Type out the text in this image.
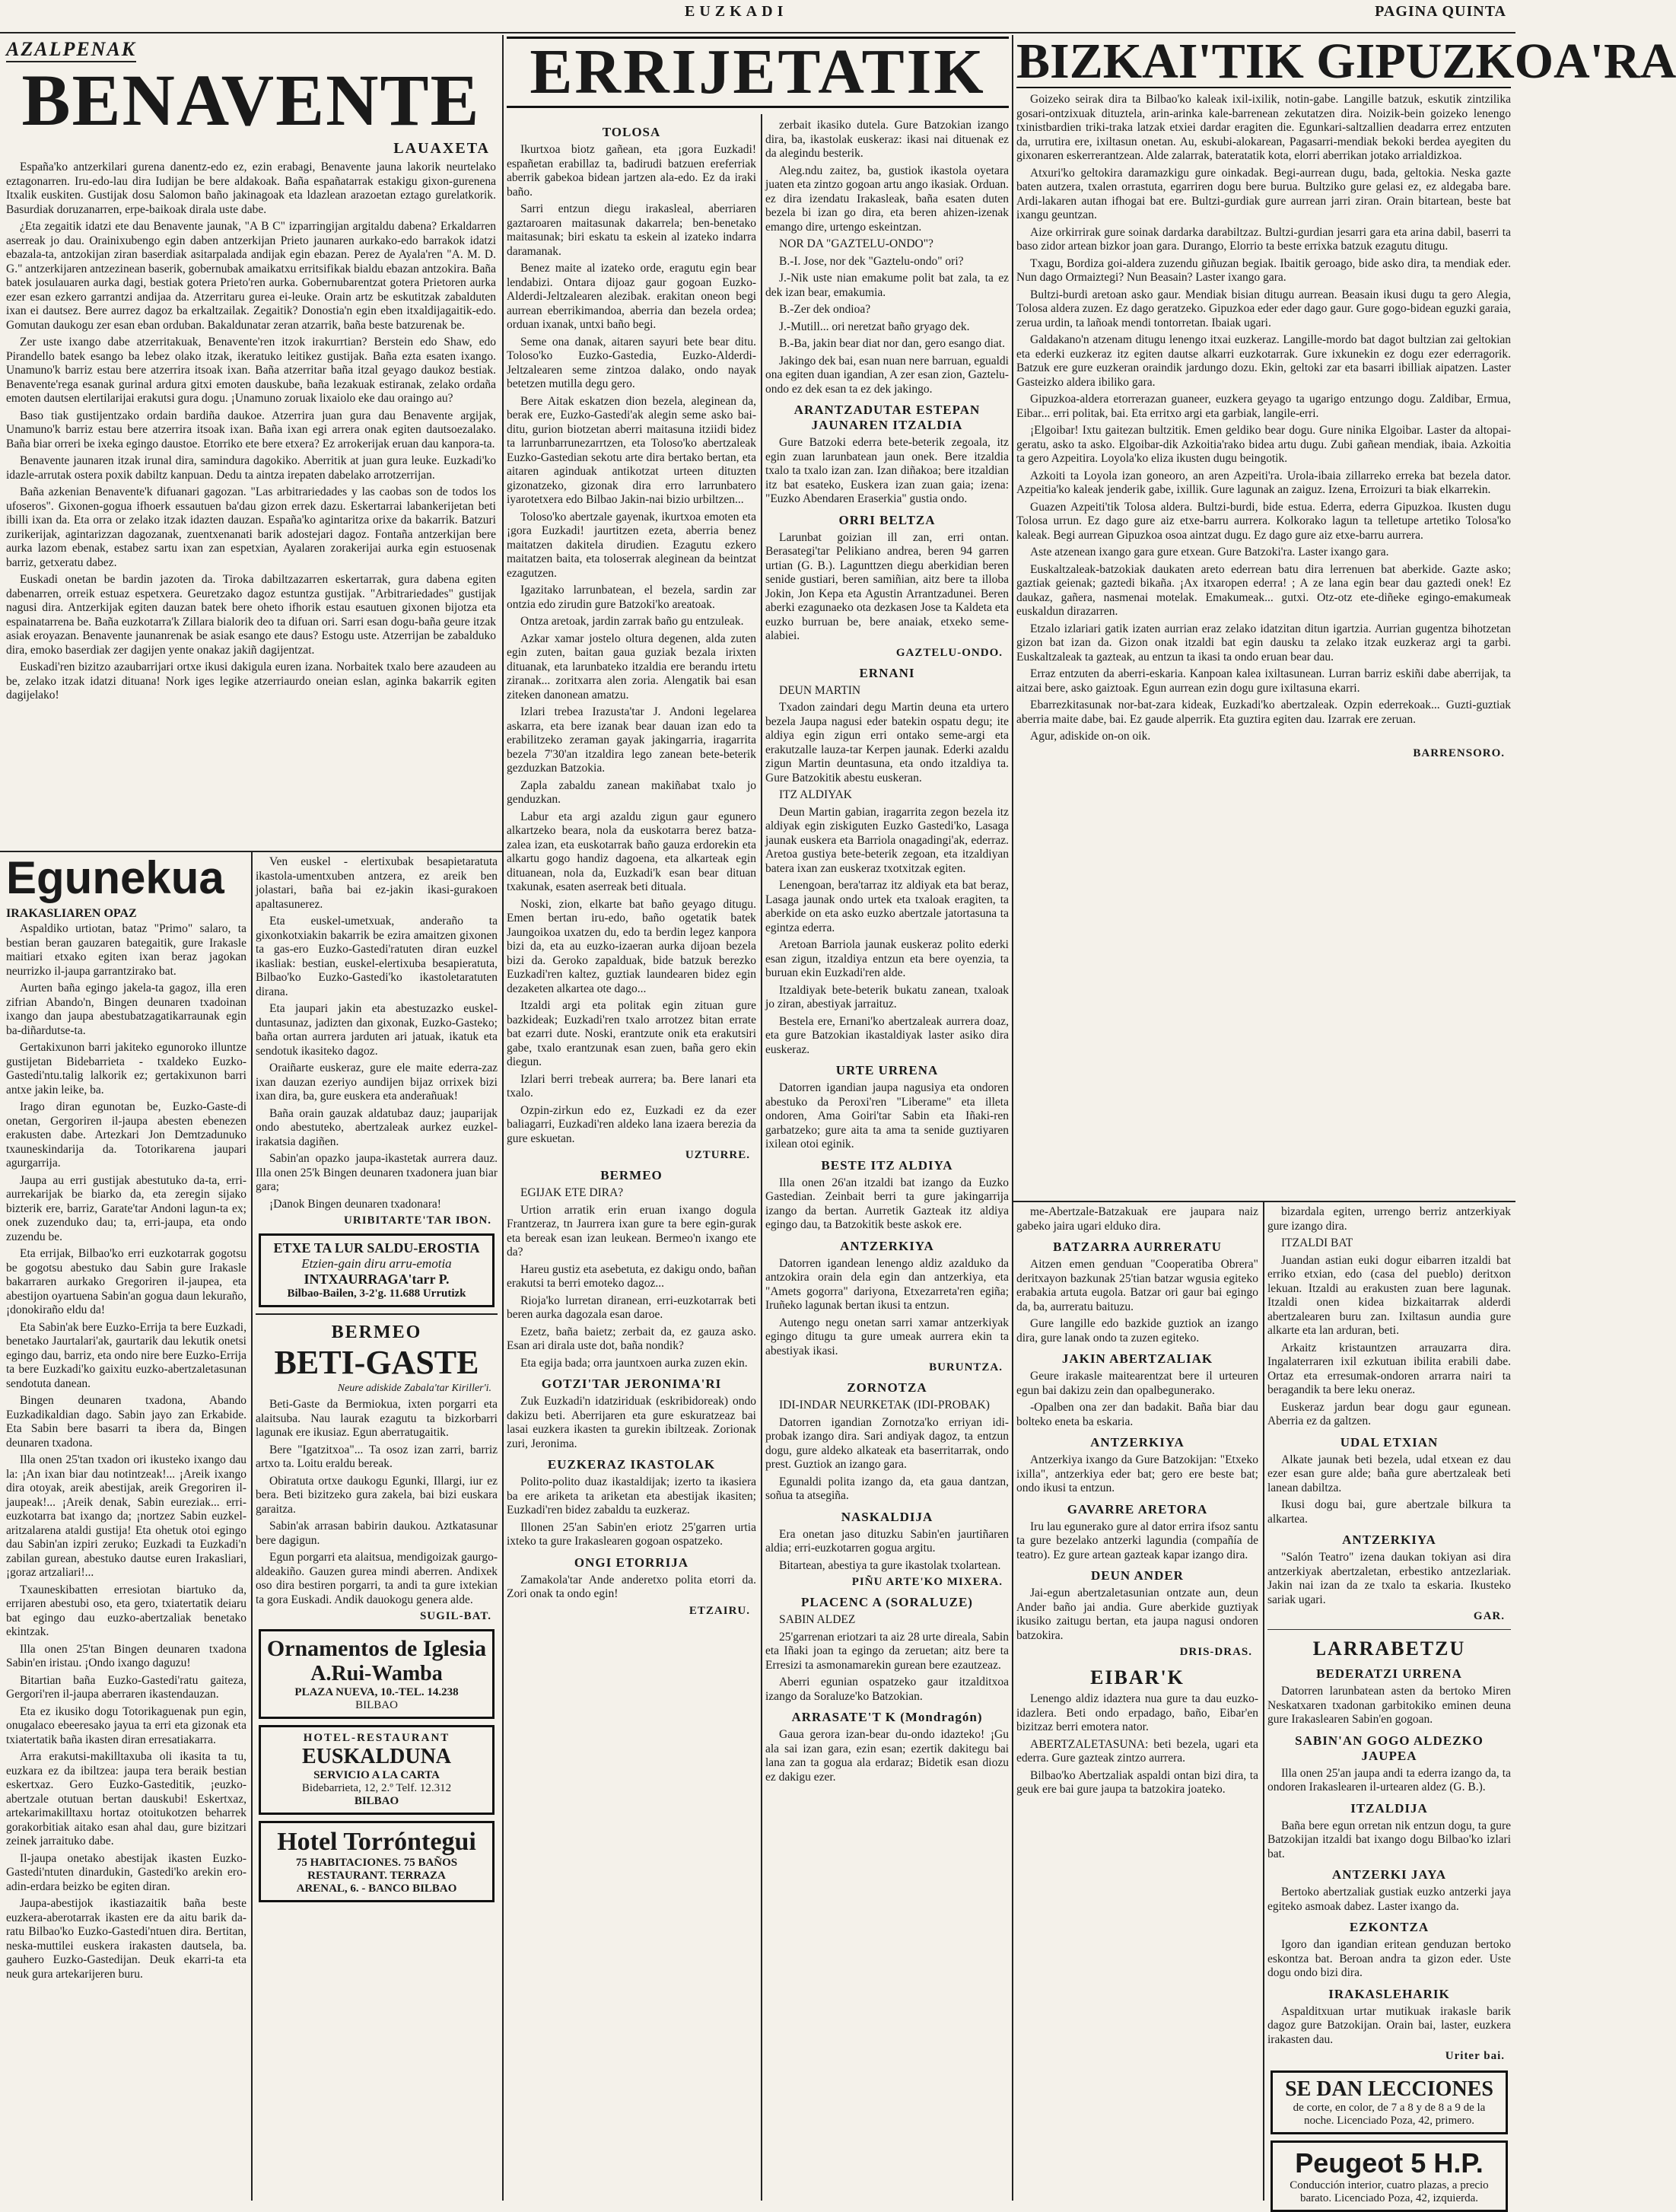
EUZKADI	PAGINA QUINTA
AZALPENAK
BENAVENTE
LAUAXETA

España'ko antzerkilari gurena danentz-edo ez, ezin erabagi, Benavente jauna lakorik neurtelako eztagonarren. Iru-edo-lau dira Iudijan be bere aldakoak. Baña españatarrak estakigu gixon-gurenena Itxalik euskiten. Gustijak dosu Salomon baño jakinagoak eta ldazlean arazoetan eztago gurelatkorik. Basurdiak doruzanarren, erpe-baikoak dirala uste dabe.

¿Eta zegaitik idatzi ete dau Benavente jaunak, "A B C" izparringijan argitaldu dabena? Erkaldarren aserreak jo dau. Orainixubengo egin daben antzerkijan Prieto jaunaren aurkako-edo barrakok idatzi ebazala-ta, antzokijan ziran baserdiak asitarpalada andijak egin ebazan. Perez de Ayala'ren "A. M. D. G." antzerkijaren antzezinean baserik, gobernubak amaikatxu erritsifikak bialdu ebazan antzokira. Baña batek josulauaren aurka dagi, bestiak gotera Prieto'ren aurka. Gobernubarentzat gotera Prietoren aurka ezer esan ezkero garrantzi andijaa da. Atzerritaru gurea ei-leuke. Orain artz be eskutitzak zabalduten ixan ei dautsez. Bere aurrez dagoz ba erkaltzailak. Zegaitik? Donostia'n egin eben itxaldijagaitik-edo. Gomutan daukogu zer esan eban orduban. Bakaldunatar zeran atzarrik, baña beste batzurenak be.

Zer uste ixango dabe atzerritakuak, Benavente'ren itzok irakurrtian? Berstein edo Shaw, edo Pirandello batek esango ba lebez olako itzak, ikeratuko leitikez gustijak. Baña ezta esaten ixango. Unamuno'k barriz estau bere atzerrira itsoak ixan. Baña atzerritar baña itzal geyago daukoz bestiak. Benavente'rega esanak gurinal ardura gitxi emoten dauskube, baña lezakuak estiranak, zelako ordaña emoten dautsen elertilarijai erakutsi gura dogu. ¡Unamuno zoruak lixaiolo eke dau oraingo au?

Baso tiak gustijentzako ordain bardiña daukoe. Atzerrira juan gura dau Benavente argijak, Unamuno'k barriz estau bere atzerrira itsoak ixan. Baña ixan egi arrera onak egiten dautsoezalako. Baña biar orreri be ixeka egingo daustoe. Etorriko ete bere etxera? Ez arrokerijak eruan dau kanpora-ta.

Benavente jaunaren itzak irunal dira, samindura dagokiko. Aberritik at juan gura leuke. Euzkadi'ko idazle-arrutak ostera poxik dabiltz kanpuan. Dedu ta aintza irepaten dabelako arrotzerrijan.

Baña azkenian Benavente'k difuanari gagozan. "Las arbitrariedades y las caobas son de todos los ufoseros". Gixonen-gogua ifhoerk essautuen ba'dau gizon errek dazu. Eskertarrai labankerijetan beti ibilli ixan da. Eta orra or zelako itzak idazten dauzan. España'ko agintaritza orixe da bakarrik. Batzuri zurikerijak, agintarizzan dagozanak, zuentxenanati barik adostejari dagoz. Fontaña antzerkijan bere aurka lazom ebenak, estabez sartu ixan zan espetxian, Ayalaren zorakerijai aurka egin estuosenak barriz, getxeratu dabez.

Euskadi onetan be bardin jazoten da. Tiroka dabiltzazarren eskertarrak, gura dabena egiten dabenarren, orreik estuaz espetxera. Geuretzako dagoz estuntza gustijak. "Arbitrariedades" gustijak nagusi dira. Antzerkijak egiten dauzan batek bere oheto ifhorik estau esautuen gixonen bijotza eta espainatarrena be. Baña euzkotarra'k Zillara bialorik deo ta difuan ori. Sarri esan dogu-baña geure itzak asiak eroyazan. Benavente jaunanrenak be asiak esango ete daus? Estogu uste. Atzerrijan be zabalduko dira, emoko baserdiak zer dagijen yente onakaz jakiñ dagijentzat.

Euskadi'ren bizitzo azaubarrijari ortxe ikusi dakigula euren izana. Norbaitek txalo bere azaudeen au be, zelako itzak idatzi dituana! Nork iges legike atzerriaurdo oneian eslan, aginka bakarrik egiten dagijelako!

Egunekua
IRAKASLIAREN OPAZ

Aspaldiko urtiotan, bataz "Primo" salaro, ta bestian beran gauzaren bategaitik, gure Irakasle maitiari etxako egiten ixan beraz jagokan neurrizko il-jaupa garrantzirako bat.

Aurten baña egingo jakela-ta gagoz, illa eren zifrian Abando'n, Bingen deunaren txadoinan ixango dan jaupa abestubatzagatikarraunak egin ba-diñardutse-ta.

Gertakixunon barri jakiteko egunoroko illuntze gustijetan Bidebarrieta - txaldeko Euzko-Gastedi'ntu.talig lalkorik ez; gertakixunon barri antxe jakin leike, ba.

Irago diran egunotan be, Euzko-Gaste-di onetan, Gergoriren il-jaupa abesten ebenezen erakusten dabe. Artezkari Jon Demtzadunuko txauneskindarija da. Totorikarena jaupari agurgarrija.

Jaupa au erri gustijak abestutuko da-ta, erri-aurrekarijak be biarko da, eta zeregin sijako bizterik ere, barriz, Garate'tar Andoni lagun-ta ex; onek zuzenduko dau; ta, erri-jaupa, eta ondo zuzendu be.

Eta errijak, Bilbao'ko erri euzkotarrak gogotsu be gogotsu abestuko dau Sabin gure Irakasle bakarraren aurkako Gregoriren il-jaupea, eta abestijon oyartuena Sabin'an gogua daun lekuraño, ¡donokiraño eldu da!

Eta Sabin'ak bere Euzko-Errija ta bere Euzkadi, benetako Jaurtalari'ak, gaurtarik dau lekutik onetsi egingo dau, barriz, eta ondo nire bere Euzko-Errija ta bere Euzkadi'ko gaixitu euzko-abertzaletasunan sendotuta danean.

Bingen deunaren txadona, Abando Euzkadikaldian dago. Sabin jayo zan Erkabide. Eta Sabin bere basarri ta ibera da, Bingen deunaren txadona.

Illa onen 25'tan txadon ori ikusteko ixango dau la: ¡An ixan biar dau notintzeak!... ¡Areik ixango dira otoyak, areik abestijak, areik Gregoriren il-jaupeak!... ¡Areik denak, Sabin eureziak... erri-euzkotarra bat ixango da; ¡nortzez Sabin euzkel-aritzalarena ataldi gustija! Eta ohetuk otoi egingo dau Sabin'an izpiri zeruko; Euzkadi ta Euzkadi'n zabilan gurean, abestuko dautse euren Irakasliari, ¡goraz artzaliari!...

Txauneskibatten erresiotan biartuko da, errijaren abestubi oso, eta gero, txiatertatik deiaru bat egingo dau euzko-abertzaliak benetako ekintzak.

Illa onen 25'tan Bingen deunaren txadona Sabin'en iristau. ¡Ondo ixango daguzu!

Bitartian baña Euzko-Gastedi'ratu gaiteza, Gergori'ren il-jaupa aberraren ikastendauzan.

Eta ez ikusiko dogu Totorikaguenak pun egin, onugalaco ebeeresako jayua ta erri eta gizonak eta txiatertatik baña ikasten diran erresatiakarra.

Arra erakutsi-makilltaxuba oli ikasita ta tu, euzkara ez da ibiltzea: jaupa tera beraik bestian eskertxaz. Gero Euzko-Gasteditik, ¡euzko-abertzale otutuan bertan dauskubi! Eskertxaz, artekarimakilltaxu hortaz otoitukotzen beharrek gorakorbitiak aitako esan ahal dau, gure bizitzari zeinek jarraituko dabe.

Il-jaupa onetako abestijak ikasten Euzko-Gastedi'ntuten dinardukin, Gastedi'ko arekin ero-adin-erdara beizko be egiten diran.

Jaupa-abestijok ikastiazaitik baña beste euzkera-aberotarrak ikasten ere da aitu barik da-ratu Bilbao'ko Euzko-Gastedi'ntuen dira. Bertitan, neska-muttilei euskera irakasten dautsela, ba. gauhero Euzko-Gastedijan. Deuk ekarri-ta eta neuk gura artekarijeren buru.

Ven euskel - elertixubak besapietaratuta ikastola-umentxuben antzera, ez areik ben jolastari, baña bai ez-jakin ikasi-gurakoen apaltasunerez.

Eta euskel-umetxuak, anderaño ta gixonkotxiakin bakarrik be ezira amaitzen gixonen ta gas-ero Euzko-Gastedi'ratuten diran euzkel ikasliak: bestian, euskel-elertixuba besapieratuta, Bilbao'ko Euzko-Gastedi'ko ikastoletaratuten dirana.

Eta jaupari jakin eta abestuzazko euskel-duntasunaz, jadizten dan gixonak, Euzko-Gasteko; baña ortan aurrera jarduten ari jatuak, ikatuk eta sendotuk ikasiteko dagoz.

Oraiñarte euskeraz, gure ele maite ederra-zaz ixan dauzan ezeriyo aundijen bijaz orrixek bizi ixan dira, ba, gure euskera eta anderañuak!

Baña orain gauzak aldatubaz dauz; jauparijak ondo abestuteko, abertzaleak aurkez euzkel-irakatsia dagiñen.

Sabin'an opazko jaupa-ikastetak aurrera dauz. Illa onen 25'k Bingen deunaren txadonera juan biar gara;

¡Danok Bingen deunaren txadonara!

URIBITARTE'TAR IBON.
ETXE TA LUR SALDU-EROSTIA
Etzien-gain diru arru-emotia
INTXAURRAGA'tarr P.
Bilbao-Bailen, 3-2'g. 11.688 Urrutizk
BERMEO
BETI-GASTE
Neure adiskide Zabala'tar Kiriller'i.

Beti-Gaste da Bermiokua, ixten porgarri eta alaitsuba. Nau laurak ezagutu ta bizkorbarri lagunak ere ikusiaz. Egun aberratugaitik.

Bere "Igatzitxoa"... Ta osoz izan zarri, barriz artxo ta. Loitu eraldu bereak.

Obiratuta ortxe daukogu Egunki, Illargi, iur ez bera. Beti bizitzeko gura zakela, bai bizi euskara garaitza.

Sabin'ak arrasan babirin daukou. Aztkatasunar bere dagigun.

Egun porgarri eta alaitsua, mendigoizak gaurgo-aldeakiño. Gauzen gurea mindi aberren. Andixek oso dira bestiren porgarri, ta andi ta gure ixtekian ta gora Euskadi. Andik dauokogu genera alde.

SUGIL-BAT.
Ornamentos de Iglesia
A.Rui-Wamba
PLAZA NUEVA, 10.-TEL. 14.238
BILBAO
HOTEL-RESTAURANT
EUSKALDUNA
SERVICIO A LA CARTA
Bidebarrieta, 12, 2.º Telf. 12.312
BILBAO
Hotel Torróntegui
75 HABITACIONES. 75 BAÑOS
RESTAURANT. TERRAZA
ARENAL, 6. - BANCO BILBAO
ERRIJETATIK
TOLOSA

Ikurtxoa biotz gañean, eta ¡gora Euzkadi! españetan erabillaz ta, badirudi batzuen ereferriak aberrik gabekoa bidean jartzen ala-edo. Ez da iraki baño.

Sarri entzun diegu irakasleal, aberriaren gaztaroaren maitasunak dakarrela; ben-benetako maitasunak; biri eskatu ta eskein al izateko indarra daramanak.

Benez maite al izateko orde, eragutu egin bear lendabizi. Ontara dijoaz gaur gogoan Euzko-Alderdi-Jeltzalearen alezibak. erakitan oneon begi aurrean eberrikimandoa, aberria dan bezela ordea; orduan ixanak, untxi baño begi.

Seme ona danak, aitaren sayuri bete bear ditu. Toloso'ko Euzko-Gastedia, Euzko-Alderdi-Jeltzalearen seme zintzoa dalako, ondo nayak betetzen mutilla degu gero.

Bere Aitak eskatzen dion bezela, aleginean da, berak ere, Euzko-Gastedi'ak alegin seme asko bai-ditu, gurion biotzetan aberri maitasuna itziidi bidez ta larrunbarrunezarrtzen, eta Toloso'ko abertzaleak Euzko-Gastedian sekotu arte dira bertako bertan, eta aitaren aginduak antikotzat urteen dituzten gizonatzeko, gizonak dira erro larrunbatero iyarotetxera edo Bilbao Jakin-nai bizio urbiltzen...

Toloso'ko abertzale gayenak, ikurtxoa emoten eta ¡gora Euzkadi! jaurtitzen ezeta, aberria benez maitatzen dakitela dirudien. Ezagutu ezkero maitatzen baita, eta toloserrak aleginean da beintzat ezagutzen.

Igazitako larrunbatean, el bezela, sardin zar ontzia edo zirudin gure Batzoki'ko areatoak.

Ontza aretoak, jardin zarrak baño gu entzuleak.

Azkar xamar jostelo oltura degenen, alda zuten egin zuten, baitan gaua guziak bezala irixten dituanak, eta larunbateko itzaldia ere berandu irtetu ziranak... zoritxarra alen zoria. Alengatik bai esan ziteken danonean amatzu.

Izlari trebea Irazusta'tar J. Andoni legelarea askarra, eta bere izanak bear dauan izan edo ta erabilitzeko zeraman gayak jakingarria, iragarrita bezela 7'30'an itzaldira lego zanean bete-beterik gezduzkan Batzokia.

Zapla zabaldu zanean makiñabat txalo jo genduzkan.

Labur eta argi azaldu zigun gaur egunero alkartzeko beara, nola da euskotarra berez batza-zalea izan, eta euskotarrak baño gauza erdorekin eta alkartu gogo handiz dagoena, eta alkarteak egin dituanean, nola da, Euzkadi'k esan bear dituan txakunak, esaten aserreak beti dituala.

Noski, zion, elkarte bat baño geyago ditugu. Emen bertan iru-edo, baño ogetatik batek Jaungoikoa uxatzen du, edo ta berdin legez kanpora bizi da, eta au euzko-izaeran aurka dijoan bezela bizi da. Geroko zapalduak, bide batzuk berezko Euzkadi'ren kaltez, guztiak laundearen bidez egin dezaketen alkartea ote dago...

Itzaldi argi eta politak egin zituan gure bazkideak; Euzkadi'ren txalo arrotzez bitan errate bat ezarri dute. Noski, erantzute onik eta erakutsiri gabe, txalo erantzunak esan zuen, baña gero ekin diegun.

Izlari berri trebeak aurrera; ba. Bere lanari eta txalo.

Ozpin-zirkun edo ez, Euzkadi ez da ezer baliagarri, Euzkadi'ren aldeko lana izaera berezia da gure eskuetan.

UZTURRE.
BERMEO

EGIJAK ETE DIRA?

Urtion arratik erin eruan ixango dogula Frantzeraz, tn Jaurrera ixan gure ta bere egin-gurak eta bereak esan izan leukean. Bermeo'n ixango ete da?

Hareu gustiz eta asebetuta, ez dakigu ondo, bañan erakutsi ta berri emoteko dagoz...

Rioja'ko lurretan diranean, erri-euzkotarrak beti beren aurka dagozala esan daroe.

Ezetz, baña baietz; zerbait da, ez gauza asko. Esan ari dirala uste dot, baña nondik?

Eta egija bada; orra jauntxoen aurka zuzen ekin.

GOTZI'TAR JERONIMA'RI

Zuk Euzkadi'n idatziriduak (eskribidoreak) ondo dakizu beti. Aberrijaren eta gure eskuratzeaz bai lasai euzkera ikasten ta gurekin ibiltzeak. Zorionak zuri, Jeronima.

EUZKERAZ IKASTOLAK

Polito-polito duaz ikastaldijak; izerto ta ikasiera ba ere ariketa ta ariketan eta abestijak ikasiten; Euzkadi'ren bidez zabaldu ta euzkeraz.

Illonen 25'an Sabin'en eriotz 25'garren urtia ixteko ta gure Irakaslearen gogoan ospatzeko.

ONGI ETORRIJA

Zamakola'tar Ande anderetxo polita etorri da. Zori onak ta ondo egin!

ETZAIRU.

zerbait ikasiko dutela. Gure Batzokian izango dira, ba, ikastolak euskeraz: ikasi nai dituenak ez da alegindu besterik.

Aleg.ndu zaitez, ba, gustiok ikastola oyetara juaten eta zintzo gogoan artu ango ikasiak. Orduan. ez dira izendatu Irakasleak, baña esaten duten bezela bi izan go dira, eta beren ahizen-izenak emango dire, urtengo eskeintzan.

NOR DA "GAZTELU-ONDO"?

B.-I. Jose, nor dek "Gaztelu-ondo" ori?

J.-Nik uste nian emakume polit bat zala, ta ez dek izan bear, emakumia.

B.-Zer dek ondioa?

J.-Mutill... ori neretzat baño gryago dek.

B.-Ba, jakin bear diat nor dan, gero esango diat.

Jakingo dek bai, esan nuan nere barruan, egualdi ona egiten duan igandian, A zer esan zion, Gaztelu-ondo ez dek esan ta ez dek jakingo.

ARANTZADUTAR ESTEPAN JAUNAREN ITZALDIA

Gure Batzoki ederra bete-beterik zegoala, itz egin zuan larunbatean jaun onek. Bere itzaldia txalo ta txalo izan zan. Izan diñakoa; bere itzaldian itz bat esateko, Euskera izan zuan gaia; izena: "Euzko Abendaren Eraserkia" gustia ondo.

ORRI BELTZA

Larunbat goizian ill zan, erri ontan. Berasategi'tar Pelikiano andrea, beren 94 garren urtian (G. B.). Lagunttzen diegu aberkidian beren senide gustiari, beren samiñian, aitz bere ta illoba Jokin, Jon Kepa eta Agustin Arrantzadunei. Beren aberki ezagunaeko ota dezkasen Jose ta Kaldeta eta euzko burruan be, bere anaiak, etxeko seme-alabiei.

GAZTELU-ONDO.
ERNANI

DEUN MARTIN

Txadon zaindari degu Martin deuna eta urtero bezela Jaupa nagusi eder batekin ospatu degu; ite aldiya egin zigun erri ontako seme-argi eta erakutzalle lauza-tar Kerpen jaunak. Ederki azaldu zigun Martin deuntasuna, eta ondo itzaldiya ta. Gure Batzokitik abestu euskeran.

ITZ ALDIYAK

Deun Martin gabian, iragarrita zegon bezela itz aldiyak egin ziskiguten Euzko Gastedi'ko, Lasaga jaunak euskera eta Barriola onagadingi'ak, ederraz. Aretoa gustiya bete-beterik zegoan, eta itzaldiyan batera ixan zan euskeraz txotxitzak egiten.

Lenengoan, bera'tarraz itz aldiyak eta bat beraz, Lasaga jaunak ondo urtek eta txaloak eragiten, ta aberkide on eta asko euzko abertzale jatortasuna ta egintza ederra.

Aretoan Barriola jaunak euskeraz polito ederki esan zigun, itzaldiya entzun eta bere oyenzia, ta buruan ekin Euzkadi'ren alde.

Itzaldiyak bete-beterik bukatu zanean, txaloak jo ziran, abestiyak jarraituz.

Bestela ere, Ernani'ko abertzaleak aurrera doaz, eta gure Batzokian ikastaldiyak laster asiko dira euskeraz.

URTE URRENA

Datorren igandian jaupa nagusiya eta ondoren abestuko da Peroxi'ren "Liberame" eta illeta ondoren, Ama Goiri'tar Sabin eta Iñaki-ren garbatzeko; gure aita ta ama ta senide guztiyaren ixilean otoi eginik.

BESTE ITZ ALDIYA

Illa onen 26'an itzaldi bat izango da Euzko Gastedian. Zeinbait berri ta gure jakingarrija izango da bertan. Aurretik Gazteak itz aldiya egingo dau, ta Batzokitik beste askok ere.

ANTZERKIYA

Datorren igandean lenengo aldiz azalduko da antzokira orain dela egin dan antzerkiya, eta "Amets gogorra" dariyona, Etxezarreta'ren egiña; Iruñeko lagunak bertan ikusi ta entzun.

Autengo negu onetan sarri xamar antzerkiyak egingo ditugu ta gure umeak aurrera ekin ta abestiyak ikasi.

BURUNTZA.
ZORNOTZA

IDI-INDAR NEURKETAK (IDI-PROBAK)

Datorren igandian Zornotza'ko erriyan idi-probak izango dira. Sari andiyak dagoz, ta entzun dogu, gure aldeko alkateak eta baserritarrak, ondo prest. Guztiok an izango gara.

Egunaldi polita izango da, eta gaua dantzan, soñua ta atsegiña.

NASKALDIJA

Era onetan jaso dituzku Sabin'en jaurtiñaren aldia; erri-euzkotarren gogua argitu.

Bitartean, abestiya ta gure ikastolak txolartean.

PIÑU ARTE'KO MIXERA.
PLACENC A (SORALUZE)

SABIN ALDEZ

25'garrenan eriotzari ta aiz 28 urte direala, Sabin eta Iñaki joan ta egingo da zeruetan; aitz bere ta Erresizi ta asmonamarekin gurean bere ezautzeaz.

Aberri egunian ospatzeko gaur itzalditxoa izango da Soraluze'ko Batzokian.

ARRASATE'T K (Mondragón)

Gaua gerora izan-bear du-ondo idazteko! ¡Gu ala sai izan gara, ezin esan; ezertik dakitegu bai lana zan ta gogua ala erdaraz; Bidetik esan diozu ez dakigu ezer.

BIZKAI'TIK GIPUZKOA'RA

Goizeko seirak dira ta Bilbao'ko kaleak ixil-ixilik, notin-gabe. Langille batzuk, eskutik zintzilika gosari-ontzixuak dituztela, arin-arinka kale-barrenean zekutatzen dira. Noizik-bein goizeko lenengo txinistbardien triki-traka latzak etxiei dardar eragiten die. Egunkari-saltzallien deadarra errez entzuten da, urrutira ere, ixiltasun onetan. Au, eskubi-alokarean, Pagasarri-mendiak bekoki berdea ayegiten du gixonaren eskerrerantzean. Alde zalarrak, bateratatik kota, elorri aberrikan jotako arrialdizkoa.

Atxuri'ko geltokira daramazkigu gure oinkadak. Begi-aurrean dugu, bada, geltokia. Neska gazte baten autzera, txalen orrastuta, egarriren dogu bere burua. Bultziko gure gelasi ez, ez aldegaba bare. Ardi-lakaren autan ifhogai bat ere. Bultzi-gurdiak gure aurrean jarri ziran. Orain bitartean, beste bat ixangu geuntzan.

Aize orkirrirak gure soinak dardarka darabiltzaz. Bultzi-gurdian jesarri gara eta arina dabil, baserri ta baso zidor artean bizkor joan gara. Durango, Elorrio ta beste errixka batzuk ezagutu ditugu.

Txagu, Bordiza goi-aldera zuzendu giñuzan begiak. Ibaitik geroago, bide asko dira, ta mendiak eder. Nun dago Ormaiztegi? Nun Beasain? Laster ixango gara.

Bultzi-burdi aretoan asko gaur. Mendiak bisian ditugu aurrean. Beasain ikusi dugu ta gero Alegia, Tolosa aldera zuzen. Ez dago geratzeko. Gipuzkoa eder eder dago gaur. Gure gogo-bidean eguzki garaia, zerua urdin, ta lañoak mendi tontorretan. Ibaiak ugari.

Galdakano'n atzenam ditugu lenengo itxai euzkeraz. Langille-mordo bat dagot bultzian zai geltokian eta ederki euzkeraz itz egiten dautse alkarri euzkotarrak. Gure ixkunekin ez dogu ezer ederragorik. Batzuk ere gure euzkeran oraindik jardungo dozu. Ekin, geltoki zar eta basarri ibilliak aipatzen. Laster Gasteizko aldera ibiliko gara.

Gipuzkoa-aldera etorrerazan guaneer, euzkera geyago ta ugarigo entzungo dogu. Zaldibar, Ermua, Eibar... erri politak, bai. Eta erritxo argi eta garbiak, langile-erri.

¡Elgoibar! Ixtu gaitezan bultzitik. Emen geldiko bear dogu. Gure ninika Elgoibar. Laster da altopai-geratu, asko ta asko. Elgoibar-dik Azkoitia'rako bidea artu dugu. Zubi gañean mendiak, ibaia. Azkoitia ta gero Azpeitira. Loyola'ko eliza ikusten dugu beingotik.

Azkoiti ta Loyola izan goneoro, an aren Azpeiti'ra. Urola-ibaia zillarreko erreka bat bezela dator. Azpeitia'ko kaleak jenderik gabe, ixillik. Gure lagunak an zaiguz. Izena, Erroizuri ta biak elkarrekin.

Guazen Azpeiti'tik Tolosa aldera. Bultzi-burdi, bide estua. Ederra, ederra Gipuzkoa. Ikusten dugu Tolosa urrun. Ez dago gure aiz etxe-barru aurrera. Kolkorako lagun ta telletupe artetiko Tolosa'ko kaleak. Begi aurrean Gipuzkoa osoa aintzat dugu. Ez dago gure aiz etxe-barru aurrera.

Aste atzenean ixango gara gure etxean. Gure Batzoki'ra. Laster ixango gara.

Euskaltzaleak-batzokiak daukaten areto ederrean batu dira lerrenuen bat aberkide. Gazte asko; gaztiak geienak; gaztedi bikaña. ¡Ax itxaropen ederra! ; A ze lana egin bear dau gaztedi onek! Ez daukaz, gañera, nasmenai motelak. Emakumeak... gutxi. Otz-otz ete-diñeke egingo-emakumeak euskaldun dirazarren.

Etzalo izlariari gatik izaten aurrian eraz zelako idatzitan ditun igartzia. Aurrian gugentza bihotzetan gizon bat izan da. Gizon onak itzaldi bat egin dausku ta zelako itzak euzkeraz argi ta garbi. Euskaltzaleak ta gazteak, au entzun ta ikasi ta ondo eruan bear dau.

Erraz entzuten da aberri-eskaria. Kanpoan kalea ixiltasunean. Lurran barriz eskiñi dabe aberrijak, ta aitzai bere, asko gaiztoak. Egun aurrean ezin dogu gure ixiltasuna ekarri.

Ebarrezkitasunak nor-bat-zara kideak, Euzkadi'ko abertzaleak. Ozpin ederrekoak... Guzti-guztiak aberria maite dabe, bai. Ez gaude alperrik. Eta guztira egiten dau. Izarrak ere zeruan.

Agur, adiskide on-on oik.

BARRENSORO.

me-Abertzale-Batzakuak ere jaupara naiz gabeko jaira ugari elduko dira.

BATZARRA AURRERATU

Aitzen emen genduan "Cooperatiba Obrera" deritxayon bazkunak 25'tian batzar wgusia egiteko erabakia artuta eugola. Batzar ori gaur bai egingo da, ba, aurreratu baituzu.

Gure langille edo bazkide guztiok an izango dira, gure lanak ondo ta zuzen egiteko.

JAKIN ABERTZALIAK

Geure irakasle maitearentzat bere il urteuren egun bai dakizu zein dan opalbegunerako.

-Opalben ona zer dan badakit. Baña biar dau bolteko eneta ba eskaria.

ANTZERKIYA

Antzerkiya ixango da Gure Batzokijan: "Etxeko ixilla", antzerkiya eder bat; gero ere beste bat; ondo ikusi ta entzun.

GAVARRE ARETORA

Iru lau egunerako gure al dator errira ifsoz santu ta gure bezelako antzerki lagundia (compañía de teatro). Ez gure artean gazteak kapar izango dira.

DEUN ANDER

Jai-egun abertzaletasunian ontzate aun, deun Ander baño jai andia. Gure aberkide guztiyak ikusiko zaitugu bertan, eta jaupa nagusi ondoren batzokira.

DRIS-DRAS.
EIBAR'K

Lenengo aldiz idaztera nua gure ta dau euzko-idazlera. Beti ondo erpadago, baño, Eibar'en bizitzaz berri emotera nator.

ABERTZALETASUNA: beti bezela, ugari eta ederra. Gure gazteak zintzo aurrera.

Bilbao'ko Abertzaliak aspaldi ontan bizi dira, ta geuk ere bai gure jaupa ta batzokira joateko.

bizardala egiten, urrengo berriz antzerkiyak gure izango dira.

ITZALDI BAT

Juandan astian euki dogur eibarren itzaldi bat erriko etxian, edo (casa del pueblo) deritxon lekuan. Itzaldi au erakusten zuan bere lagunak. Itzaldi onen kidea bizkaitarrak alderdi abertzalearen buru zan. Ixiltasun aundia gure alkarte eta lan arduran, beti.

Arkaitz kristauntzen arrauzarra dira. Ingalaterraren ixil ezkutuan ibilita erabili dabe. Ortaz eta erresumak-ondoren arrarra nairi ta beragandik ta bere leku oneraz.

Euskeraz jardun bear dogu gaur egunean. Aberria ez da galtzen.

UDAL ETXIAN

Alkate jaunak beti bezela, udal etxean ez dau ezer esan gure alde; baña gure abertzaleak beti lanean dabiltza.

Ikusi dogu bai, gure abertzale bilkura ta alkartea.

ANTZERKIYA

"Salón Teatro" izena daukan tokiyan asi dira antzerkiyak abertzaletan, erbestiko antzezlariak. Jakin nai izan da ze txalo ta eskaria. Ikusteko sariak ugari.

GAR.
LARRABETZU
BEDERATZI URRENA

Datorren larunbatean asten da bertoko Miren Neskatxaren txadonan garbitokiko eminen deuna gure Irakaslearen Sabin'en gogoan.

SABIN'AN GOGO ALDEZKO JAUPEA

Illa onen 25'an jaupa andi ta ederra izango da, ta ondoren Irakaslearen il-urtearen aldez (G. B.).

ITZALDIJA

Baña bere egun orretan nik entzun dogu, ta gure Batzokijan itzaldi bat ixango dogu Bilbao'ko izlari bat.

ANTZERKI JAYA

Bertoko abertzaliak gustiak euzko antzerki jaya egiteko asmoak dabez. Laster ixango da.

EZKONTZA

Igoro dan igandian eritean genduzan bertoko eskontza bat. Beroan andra ta gizon eder. Uste dogu ondo bizi dira.

IRAKASLEHARIK

Aspalditxuan urtar mutikuak irakasle barik dagoz gure Batzokijan. Orain bai, laster, euzkera irakasten dau.

Uriter bai.
SE DAN LECCIONES
de corte, en color, de 7 a 8 y de 8 a 9 de la noche. Licenciado Poza, 42, primero.
Peugeot 5 H.P.
Conducción interior, cuatro plazas, a precio barato. Licenciado Poza, 42, izquierda.
